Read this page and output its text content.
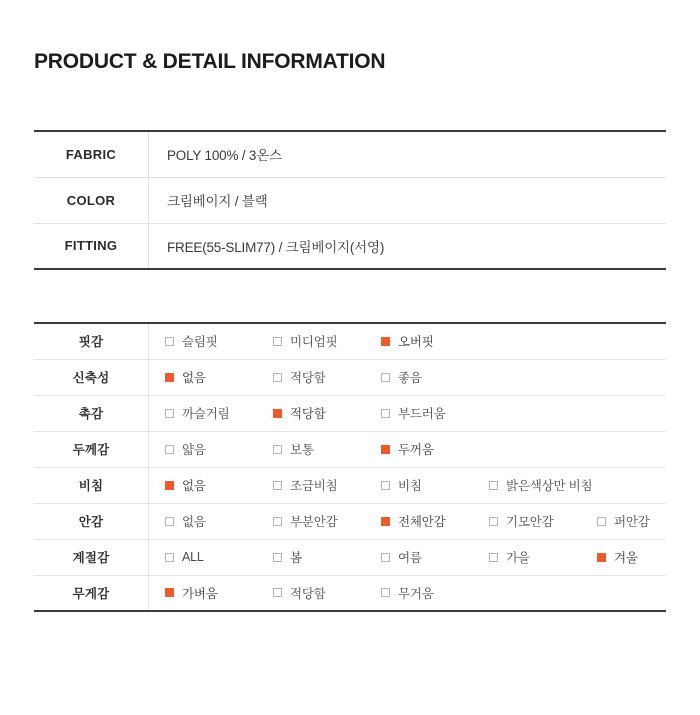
PRODUCT & DETAIL INFORMATION
FABRIC	POLY 100% / 3온스
COLOR	크림베이지 / 블랙
FITTING	FREE(55-SLIM77) / 크림베이지(서영)
핏감	슬림핏 미디엄핏 오버핏

신축성	없음 적당함 좋음

촉감	까슬거림 적당함 부드러움

두께감	얇음 보통 두꺼움

비침	없음 조금비침 비침 밝은색상만 비침

안감	없음 부분안감 전체안감 기모안감 퍼안감

계절감	ALL 봄 여름 가을 겨울

무게감	가벼움 적당함 무거움
